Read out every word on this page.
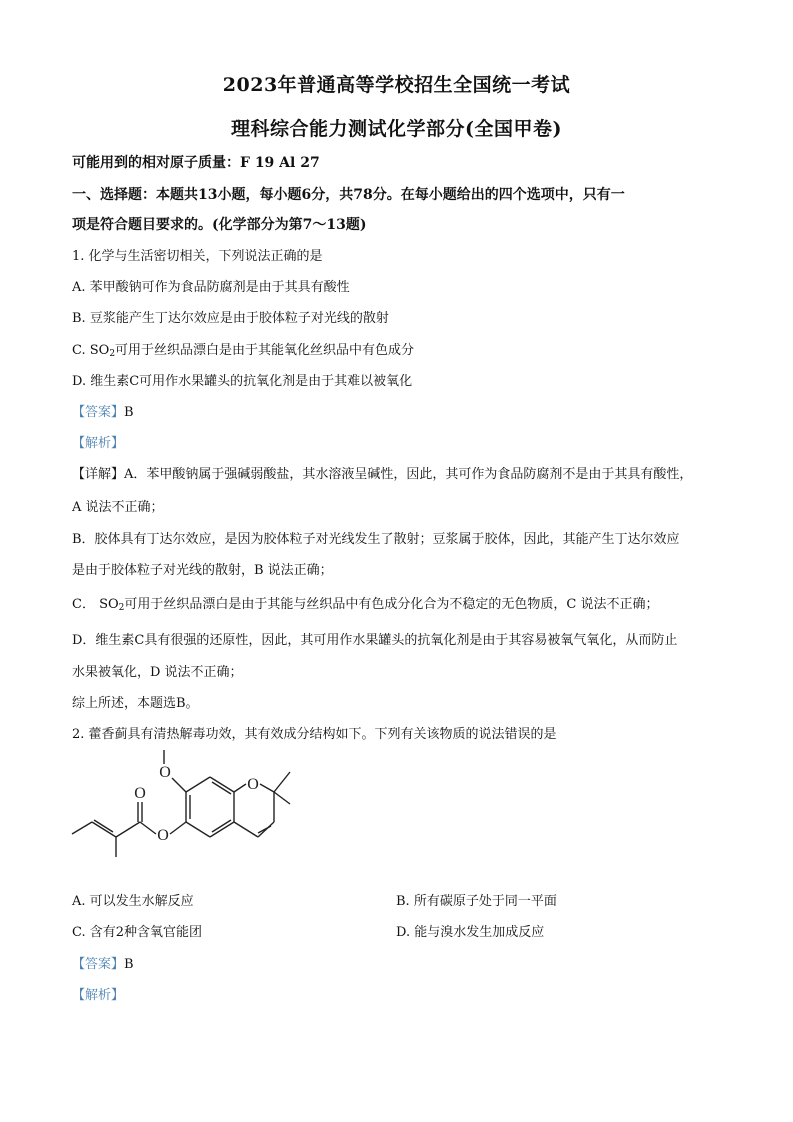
2023年普通高等学校招生全国统一考试
理科综合能力测试化学部分(全国甲卷)
可能用到的相对原子质量：F 19 Al 27
一、选择题：本题共13小题，每小题6分，共78分。在每小题给出的四个选项中，只有一
项是符合题目要求的。(化学部分为第7～13题)
1. 化学与生活密切相关，下列说法正确的是
A. 苯甲酸钠可作为食品防腐剂是由于其具有酸性
B. 豆浆能产生丁达尔效应是由于胶体粒子对光线的散射
C. $SO_2$可用于丝织品漂白是由于其能氧化丝织品中有色成分
D. 维生素C可用作水果罐头的抗氧化剂是由于其难以被氧化
【答案】B
【解析】
【详解】A．苯甲酸钠属于强碱弱酸盐，其水溶液呈碱性，因此，其可作为食品防腐剂不是由于其具有酸性，
A 说法不正确；
B．胶体具有丁达尔效应，是因为胶体粒子对光线发生了散射；豆浆属于胶体，因此，其能产生丁达尔效应
是由于胶体粒子对光线的散射，B 说法正确；
C． $SO_2$可用于丝织品漂白是由于其能与丝织品中有色成分化合为不稳定的无色物质，C 说法不正确；
D．维生素C具有很强的还原性，因此，其可用作水果罐头的抗氧化剂是由于其容易被氧气氧化，从而防止
水果被氧化，D 说法不正确；
综上所述，本题选B。
2. 藿香蓟具有清热解毒功效，其有效成分结构如下。下列有关该物质的说法错误的是
O
O
O
O
A. 可以发生水解反应	B. 所有碳原子处于同一平面
C. 含有2种含氧官能团	D. 能与溴水发生加成反应
【答案】B
【解析】
